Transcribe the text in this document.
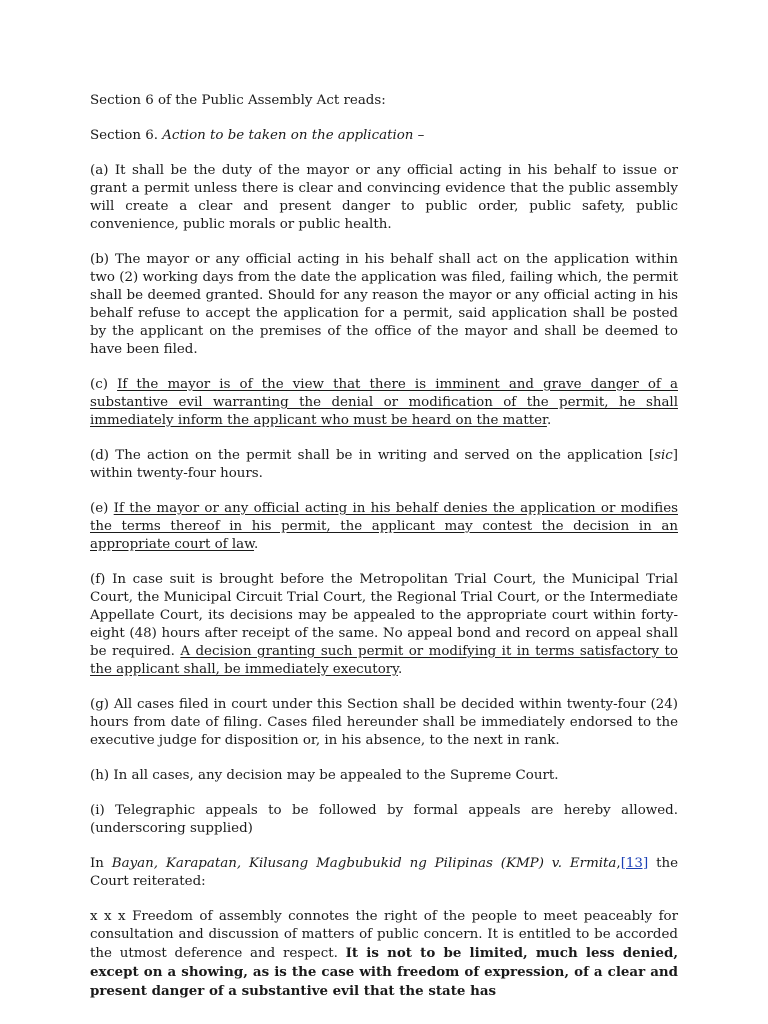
Section 6 of the Public Assembly Act reads:

Section 6. Action to be taken on the application –

(a) It shall be the duty of the mayor or any official acting in his behalf to issue or grant a permit unless there is clear and convincing evidence that the public assembly will create a clear and present danger to public order, public safety, public convenience, public morals or public health.

(b) The mayor or any official acting in his behalf shall act on the application within two (2) working days from the date the application was filed, failing which, the permit shall be deemed granted. Should for any reason the mayor or any official acting in his behalf refuse to accept the application for a permit, said application shall be posted by the applicant on the premises of the office of the mayor and shall be deemed to have been filed.

(c) If the mayor is of the view that there is imminent and grave danger of a substantive evil warranting the denial or modification of the permit, he shall immediately inform the applicant who must be heard on the matter.

(d) The action on the permit shall be in writing and served on the application [sic] within twenty-four hours.

(e) If the mayor or any official acting in his behalf denies the application or modifies the terms thereof in his permit, the applicant may contest the decision in an appropriate court of law.

(f) In case suit is brought before the Metropolitan Trial Court, the Municipal Trial Court, the Municipal Circuit Trial Court, the Regional Trial Court, or the Intermediate Appellate Court, its decisions may be appealed to the appropriate court within forty-eight (48) hours after receipt of the same. No appeal bond and record on appeal shall be required. A decision granting such permit or modifying it in terms satisfactory to the applicant shall, be immediately executory.

(g) All cases filed in court under this Section shall be decided within twenty-four (24) hours from date of filing. Cases filed hereunder shall be immediately endorsed to the executive judge for disposition or, in his absence, to the next in rank.

(h) In all cases, any decision may be appealed to the Supreme Court.

(i) Telegraphic appeals to be followed by formal appeals are hereby allowed. (underscoring supplied)

In Bayan, Karapatan, Kilusang Magbubukid ng Pilipinas (KMP) v. Ermita,[13] the Court reiterated:

x x x Freedom of assembly connotes the right of the people to meet peaceably for consultation and discussion of matters of public concern. It is entitled to be accorded the utmost deference and respect. It is not to be limited, much less denied, except on a showing, as is the case with freedom of expression, of a clear and present danger of a substantive evil that the state has
